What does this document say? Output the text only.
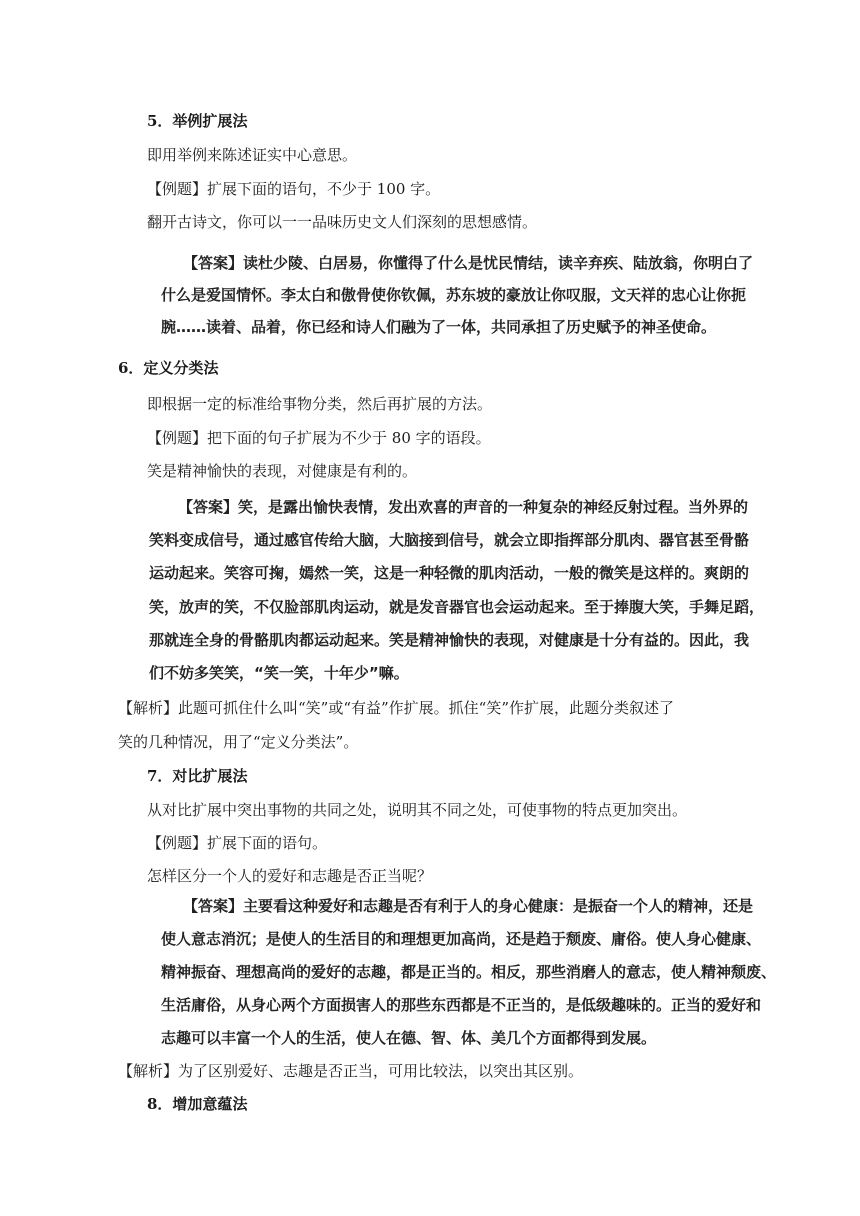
5．举例扩展法
即用举例来陈述证实中心意思。
【例题】扩展下面的语句，不少于 100 字。
翻开古诗文，你可以一一品味历史文人们深刻的思想感情。
【答案】读杜少陵、白居易，你懂得了什么是忧民情结，读辛弃疾、陆放翁，你明白了
什么是爱国情怀。李太白和傲骨使你钦佩，苏东坡的豪放让你叹服，文天祥的忠心让你扼
腕……读着、品着，你已经和诗人们融为了一体，共同承担了历史赋予的神圣使命。
6．定义分类法
即根据一定的标准给事物分类，然后再扩展的方法。
【例题】把下面的句子扩展为不少于 80 字的语段。
笑是精神愉快的表现，对健康是有利的。
【答案】笑，是露出愉快表情，发出欢喜的声音的一种复杂的神经反射过程。当外界的
笑料变成信号，通过感官传给大脑，大脑接到信号，就会立即指挥部分肌肉、器官甚至骨骼
运动起来。笑容可掬，嫣然一笑，这是一种轻微的肌肉活动，一般的微笑是这样的。爽朗的
笑，放声的笑，不仅脸部肌肉运动，就是发音器官也会运动起来。至于捧腹大笑，手舞足蹈，
那就连全身的骨骼肌肉都运动起来。笑是精神愉快的表现，对健康是十分有益的。因此，我
们不妨多笑笑，“笑一笑，十年少”嘛。
【解析】此题可抓住什么叫“笑”或“有益”作扩展。抓住“笑”作扩展，此题分类叙述了
笑的几种情况，用了“定义分类法”。
7．对比扩展法
从对比扩展中突出事物的共同之处，说明其不同之处，可使事物的特点更加突出。
【例题】扩展下面的语句。
怎样区分一个人的爱好和志趣是否正当呢？
【答案】主要看这种爱好和志趣是否有利于人的身心健康：是振奋一个人的精神，还是
使人意志消沉；是使人的生活目的和理想更加高尚，还是趋于颓废、庸俗。使人身心健康、
精神振奋、理想高尚的爱好的志趣，都是正当的。相反，那些消磨人的意志，使人精神颓废、
生活庸俗，从身心两个方面损害人的那些东西都是不正当的，是低级趣味的。正当的爱好和
志趣可以丰富一个人的生活，使人在德、智、体、美几个方面都得到发展。
【解析】为了区别爱好、志趣是否正当，可用比较法，以突出其区别。
8．增加意蕴法
